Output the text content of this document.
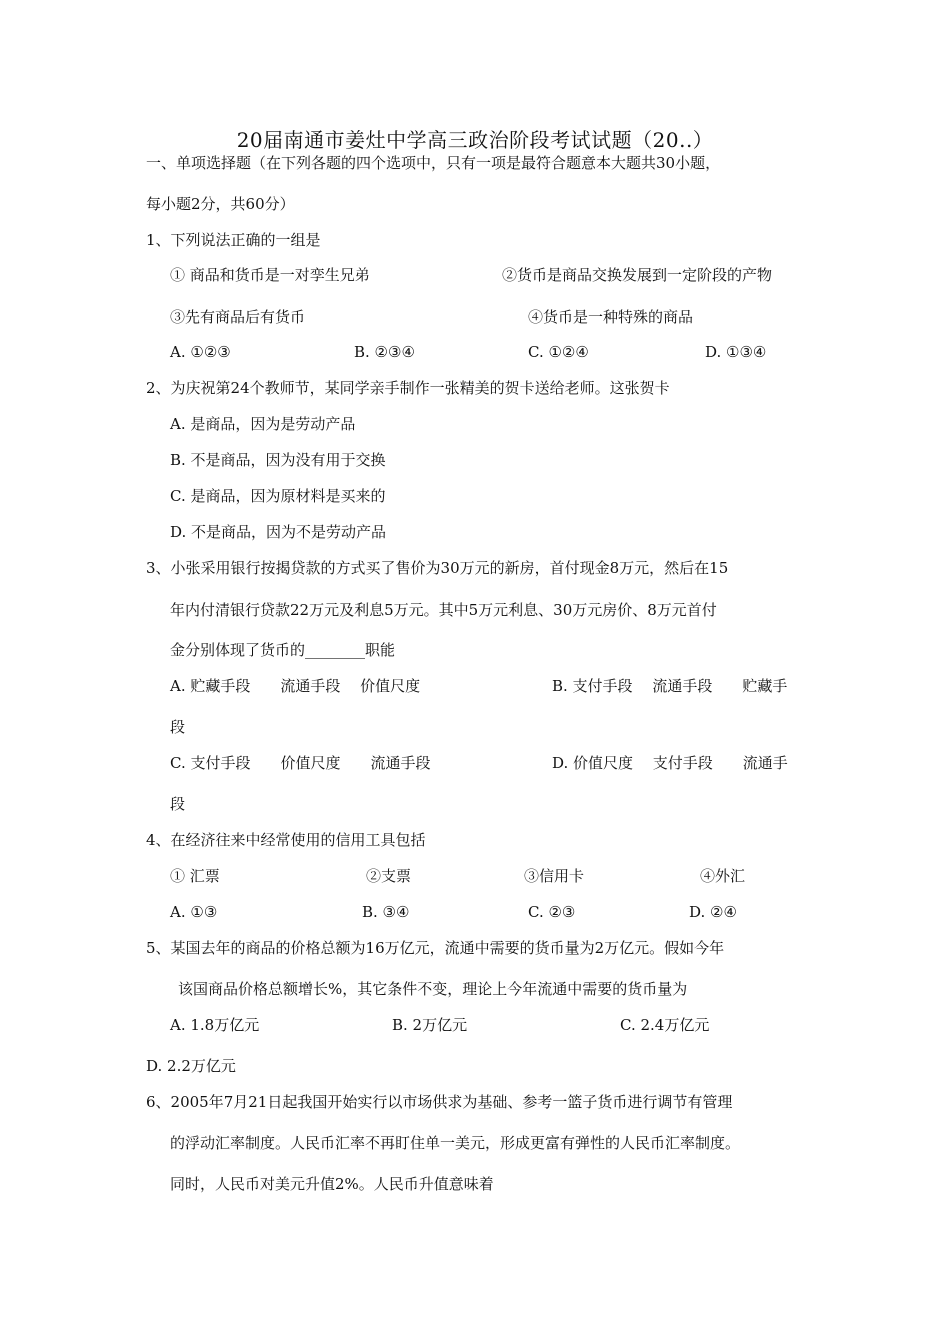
20届南通市姜灶中学高三政治阶段考试试题（20..）
一、单项选择题（在下列各题的四个选项中，只有一项是最符合题意本大题共30小题，
每小题2分，共60分）
1、下列说法正确的一组是
① 商品和货币是一对孪生兄弟	②货币是商品交换发展到一定阶段的产物
③先有商品后有货币	④货币是一种特殊的商品
A. ①②③	B. ②③④	C. ①②④	D. ①③④
2、为庆祝第24个教师节，某同学亲手制作一张精美的贺卡送给老师。这张贺卡
A. 是商品，因为是劳动产品
B. 不是商品，因为没有用于交换
C. 是商品，因为原材料是买来的
D. 不是商品，因为不是劳动产品
3、小张采用银行按揭贷款的方式买了售价为30万元的新房，首付现金8万元，然后在15
年内付清银行贷款22万元及利息5万元。其中5万元利息、30万元房价、8万元首付
金分别体现了货币的________职能
A. 贮藏手段　　流通手段　 价值尺度	B. 支付手段　 流通手段　　贮藏手
段
C. 支付手段　　价值尺度　　流通手段	D. 价值尺度　 支付手段　　流通手
段
4、在经济往来中经常使用的信用工具包括
① 汇票	②支票	③信用卡	④外汇
A. ①③	B. ③④	C. ②③	D. ②④
5、某国去年的商品的价格总额为16万亿元，流通中需要的货币量为2万亿元。假如今年
该国商品价格总额增长%，其它条件不变，理论上今年流通中需要的货币量为
A. 1.8万亿元	B. 2万亿元	C. 2.4万亿元
D. 2.2万亿元
6、2005年7月21日起我国开始实行以市场供求为基础、参考一篮子货币进行调节有管理
的浮动汇率制度。人民币汇率不再盯住单一美元，形成更富有弹性的人民币汇率制度。
同时，人民币对美元升值2%。人民币升值意味着
